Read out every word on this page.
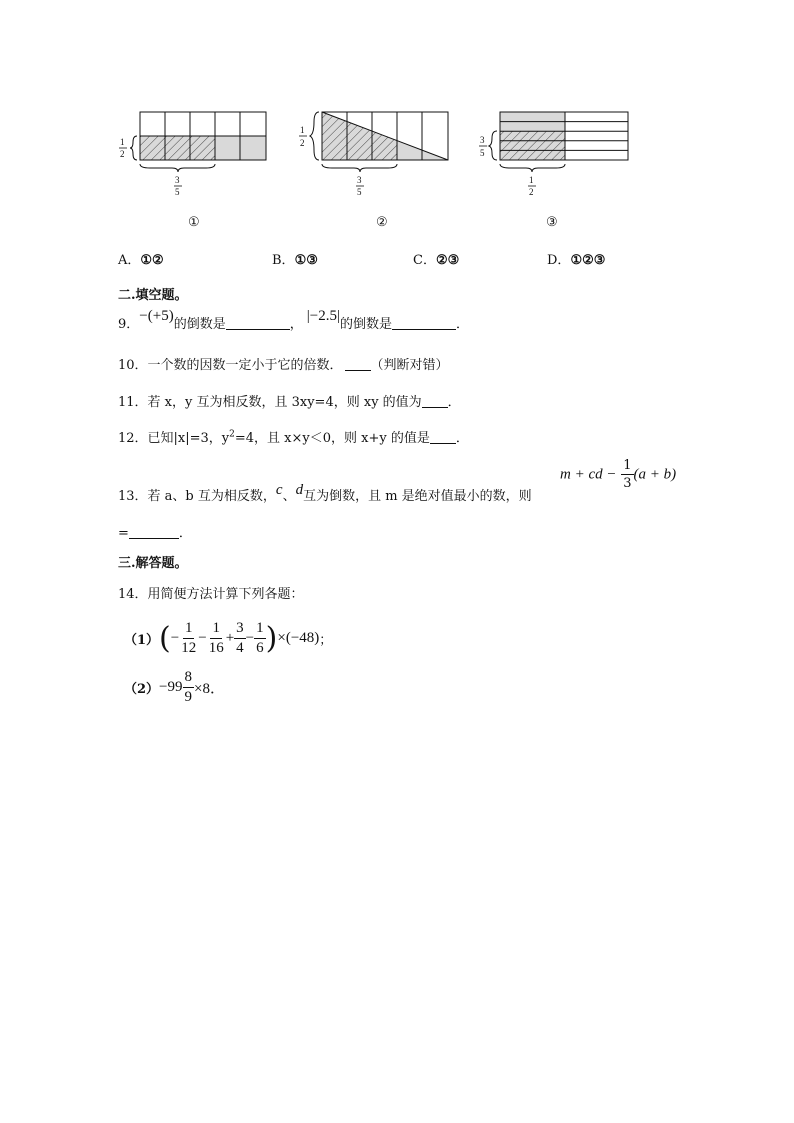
1
2
3
5
1
2
3
5
3
5
1
2
①	②	③
A．①②	B．①③	C．②③	D．①②③
二.填空题。
9．−(+5)的倒数是	，|−2.5|的倒数是	．
10．一个数的因数一定小于它的倍数． （判断对错）
11．若 x，y 互为相反数，且 3xy=4，则 xy 的值为 ．
12．已知|x|=3，$y^2=4$，且 x×y＜0，则 x+y 的值是 ．
13．若 a、b 互为相反数，c、d互为倒数，且 m 是绝对值最小的数，则
m + cd − $\frac{1}{3} (a + b)$
=	．
三.解答题。
14．用简便方法计算下列各题：
（1） ( − $\frac{1}{12} - \frac{1}{16} + \frac{3}{4} - \frac{1}{6}$ ) ×(−48) ；
$(2) -99 \frac{8}{9} \times 8$．
